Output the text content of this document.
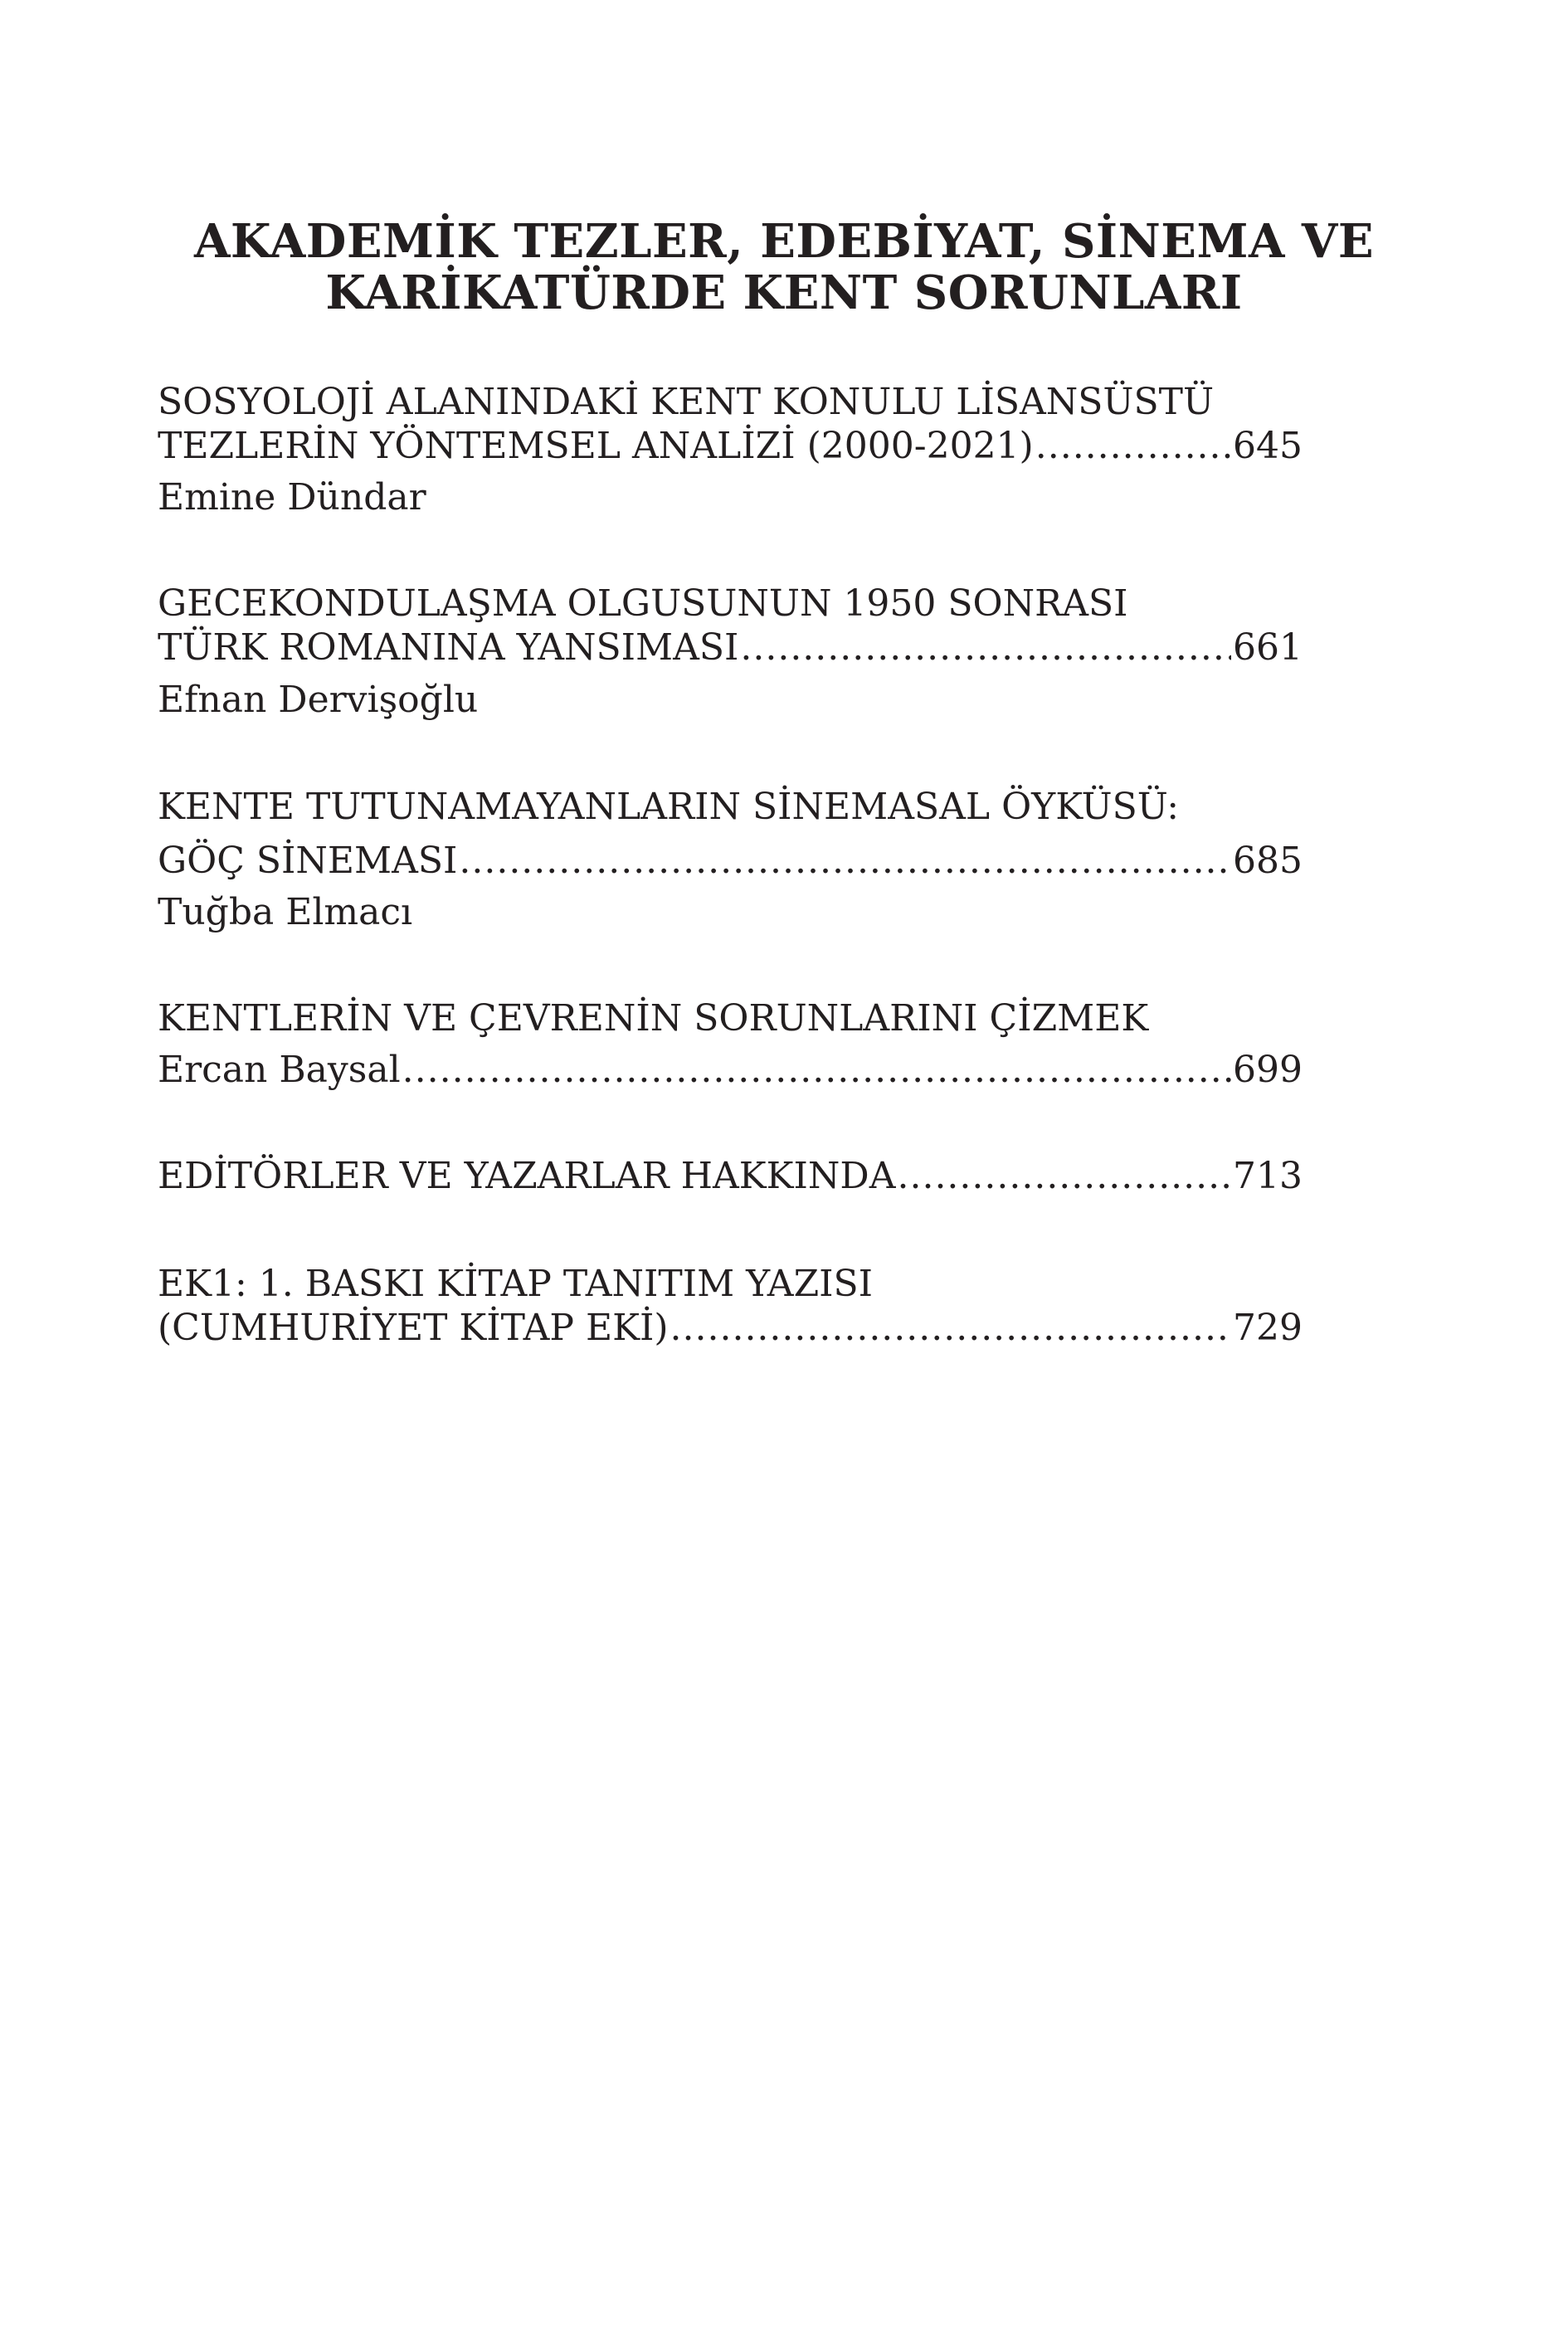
AKADEMİK TEZLER, EDEBİYAT, SİNEMA VE
KARİKATÜRDE KENT SORUNLARI
SOSYOLOJİ ALANINDAKİ KENT KONULU LİSANSÜSTÜ
TEZLERİN YÖNTEMSEL ANALİZİ (2000-2021) .....	645
Emine Dündar
GECEKONDULAŞMA OLGUSUNUN 1950 SONRASI
TÜRK ROMANINA YANSIMASI .....	661
Efnan Dervişoğlu
KENTE TUTUNAMAYANLARIN SİNEMASAL ÖYKÜSÜ:
GÖÇ SİNEMASI .....	685
Tuğba Elmacı
KENTLERİN VE ÇEVRENİN SORUNLARINI ÇİZMEK
Ercan Baysal .....	699
EDİTÖRLER VE YAZARLAR HAKKINDA .....	713
EK1: 1. BASKI KİTAP TANITIM YAZISI
(CUMHURİYET KİTAP EKİ) .....	729
